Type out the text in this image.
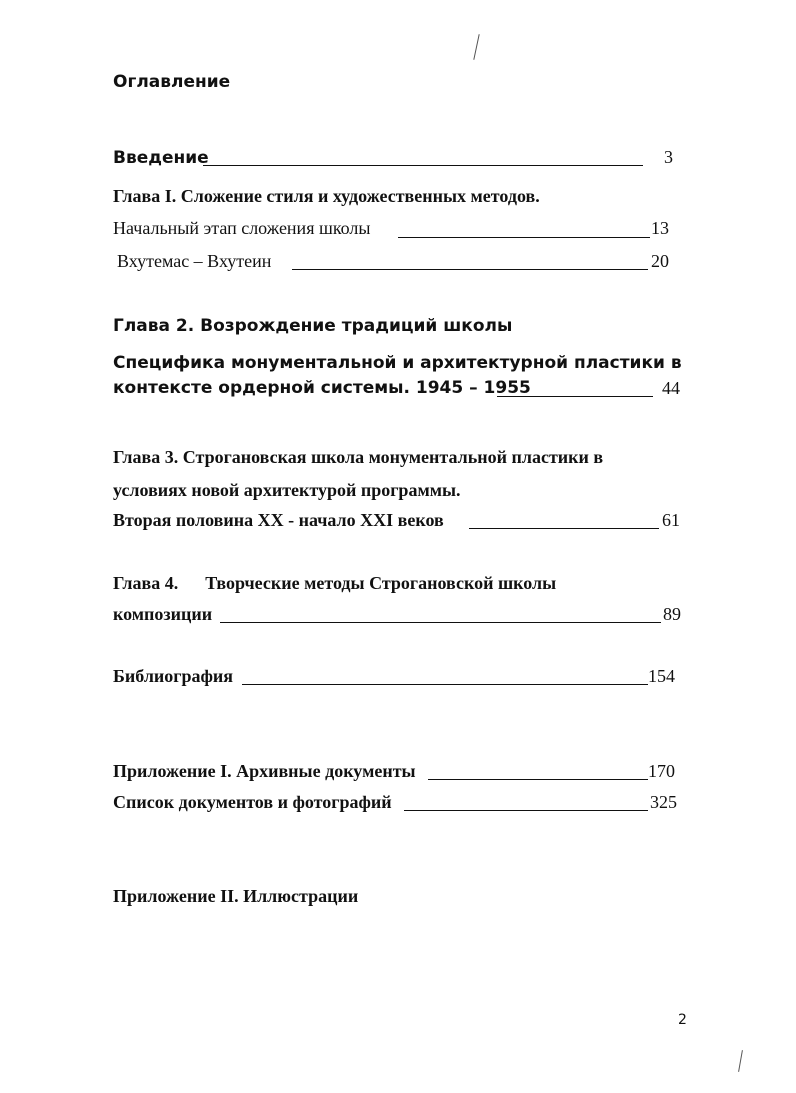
Оглавление
Введение	3
Глава I. Сложение стиля и художественных методов.
Начальный этап сложения школы	13
Вхутемас – Вхутеин	20
Глава 2. Возрождение традиций школы
Специфика монументальной и архитектурной пластики в
контексте ордерной системы. 1945 – 1955	44
Глава 3. Строгановская школа монументальной пластики в
условиях новой архитектурой программы.
Вторая половина XX - начало XXI веков	61
Глава 4.      Творческие методы Строгановской школы
композиции	89
Библиография	154
Приложение I. Архивные документы	170
Список документов и фотографий	325
Приложение II. Иллюстрации
2
